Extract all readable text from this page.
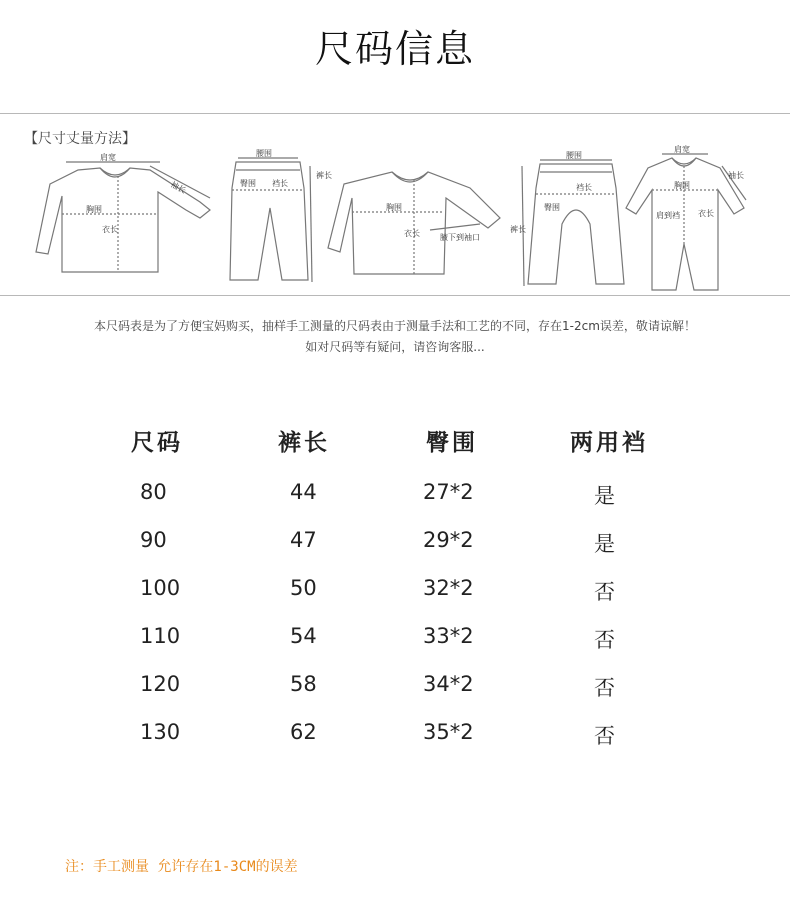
尺码信息
肩宽
袖长
胸围
衣长
腰围
臀围 裆长
裤长
胸围
衣长	腋下到袖口
腰围
臀围
裆长
裤长
肩宽
袖长
胸围
衣长
肩到裆
【尺寸丈量方法】
本尺码表是为了方便宝妈购买，抽样手工测量的尺码表由于测量手法和工艺的不同，存在1-2cm误差，敬请谅解！
如对尺码等有疑问，请咨询客服...
尺码	裤长	臀围	两用裆
80	44	27*2	是
90	47	29*2	是
100	50	32*2	否
110	54	33*2	否
120	58	34*2	否
130	62	35*2	否
注：手工测量 允许存在1-3CM的误差
